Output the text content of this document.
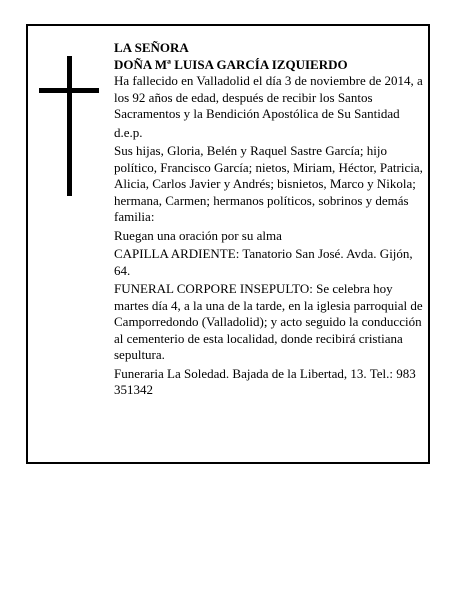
LA SEÑORA

DOÑA Mª LUISA GARCÍA IZQUIERDO

Ha fallecido en Valladolid el día 3 de noviembre de 2014, a los 92 años de edad, después de recibir los Santos Sacramentos y la Bendición Apostólica de Su Santidad

d.e.p.

Sus hijas, Gloria, Belén y Raquel Sastre García; hijo político, Francisco García; nietos, Miriam, Héctor, Patricia, Alicia, Carlos Javier y Andrés; bisnietos, Marco y Nikola; hermana, Carmen; hermanos políticos, sobrinos y demás familia:

Ruegan una oración por su alma

CAPILLA ARDIENTE: Tanatorio San José. Avda. Gijón, 64.

FUNERAL CORPORE INSEPULTO: Se celebra hoy martes día 4, a la una de la tarde, en la iglesia parroquial de Camporredondo (Valladolid); y acto seguido la conducción al cementerio de esta localidad, donde recibirá cristiana sepultura.

Funeraria La Soledad. Bajada de la Libertad, 13. Tel.: 983 351342
